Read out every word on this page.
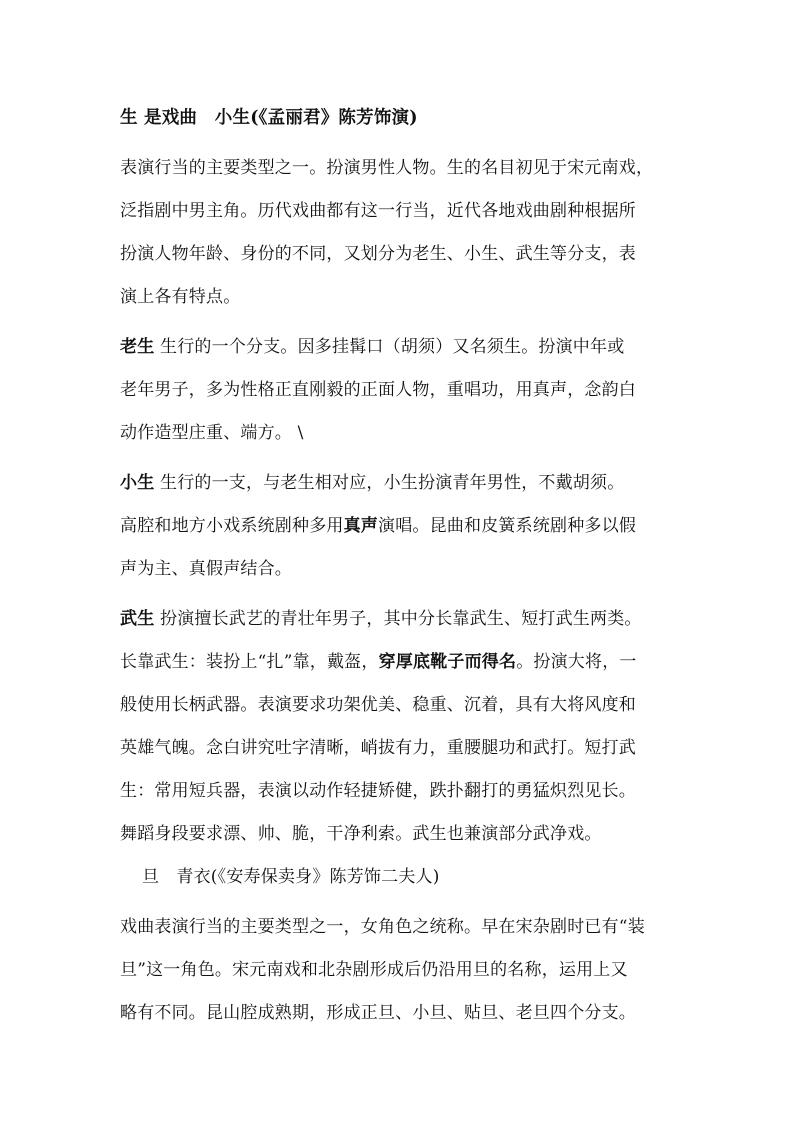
生 是戏曲　小生(《孟丽君》陈芳饰演)
表演行当的主要类型之一。扮演男性人物。生的名目初见于宋元南戏，
泛指剧中男主角。历代戏曲都有这一行当，近代各地戏曲剧种根据所
扮演人物年龄、身份的不同，又划分为老生、小生、武生等分支，表
演上各有特点。
老生 生行的一个分支。因多挂髯口（胡须）又名须生。扮演中年或
老年男子，多为性格正直刚毅的正面人物，重唱功，用真声，念韵白
动作造型庄重、端方。 \
小生 生行的一支，与老生相对应，小生扮演青年男性，不戴胡须。
高腔和地方小戏系统剧种多用真声演唱。昆曲和皮簧系统剧种多以假
声为主、真假声结合。
武生 扮演擅长武艺的青壮年男子，其中分长靠武生、短打武生两类。
长靠武生：装扮上“扎”靠，戴盔，穿厚底靴子而得名。扮演大将，一
般使用长柄武器。表演要求功架优美、稳重、沉着，具有大将风度和
英雄气魄。念白讲究吐字清晰，峭拔有力，重腰腿功和武打。短打武
生：常用短兵器，表演以动作轻捷矫健，跌扑翻打的勇猛炽烈见长。
舞蹈身段要求漂、帅、脆，干净利索。武生也兼演部分武净戏。
旦　青衣(《安寿保卖身》陈芳饰二夫人)
戏曲表演行当的主要类型之一，女角色之统称。早在宋杂剧时已有“装
旦”这一角色。宋元南戏和北杂剧形成后仍沿用旦的名称，运用上又
略有不同。昆山腔成熟期，形成正旦、小旦、贴旦、老旦四个分支。
